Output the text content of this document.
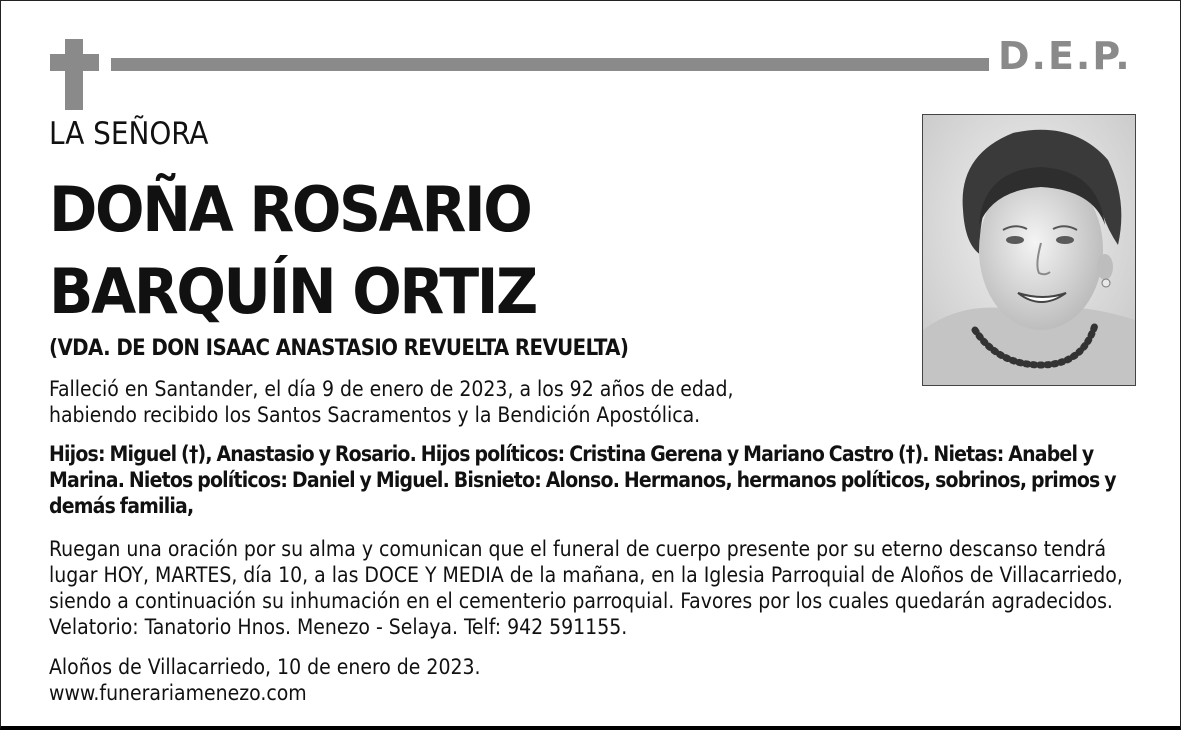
D.E.P.
LA SEÑORA
DOÑA ROSARIO
BARQUÍN ORTIZ
(VDA. DE DON ISAAC ANASTASIO REVUELTA REVUELTA)
Falleció en Santander, el día 9 de enero de 2023, a los 92 años de edad,
habiendo recibido los Santos Sacramentos y la Bendición Apostólica.

Hijos: Miguel (†), Anastasio y Rosario. Hijos políticos: Cristina Gerena y Mariano Castro (†). Nietas: Anabel y Marina. Nietos políticos: Daniel y Miguel. Bisnieto: Alonso. Hermanos, hermanos políticos, sobrinos, primos y demás familia,

Ruegan una oración por su alma y comunican que el funeral de cuerpo presente por su eterno descanso tendrá lugar HOY, MARTES, día 10, a las DOCE Y MEDIA de la mañana, en la Iglesia Parroquial de Aloños de Villacarriedo, siendo a continuación su inhumación en el cementerio parroquial. Favores por los cuales quedarán agradecidos. Velatorio: Tanatorio Hnos. Menezo - Selaya. Telf: 942 591155.

Aloños de Villacarriedo, 10 de enero de 2023.
www.funerariamenezo.com
